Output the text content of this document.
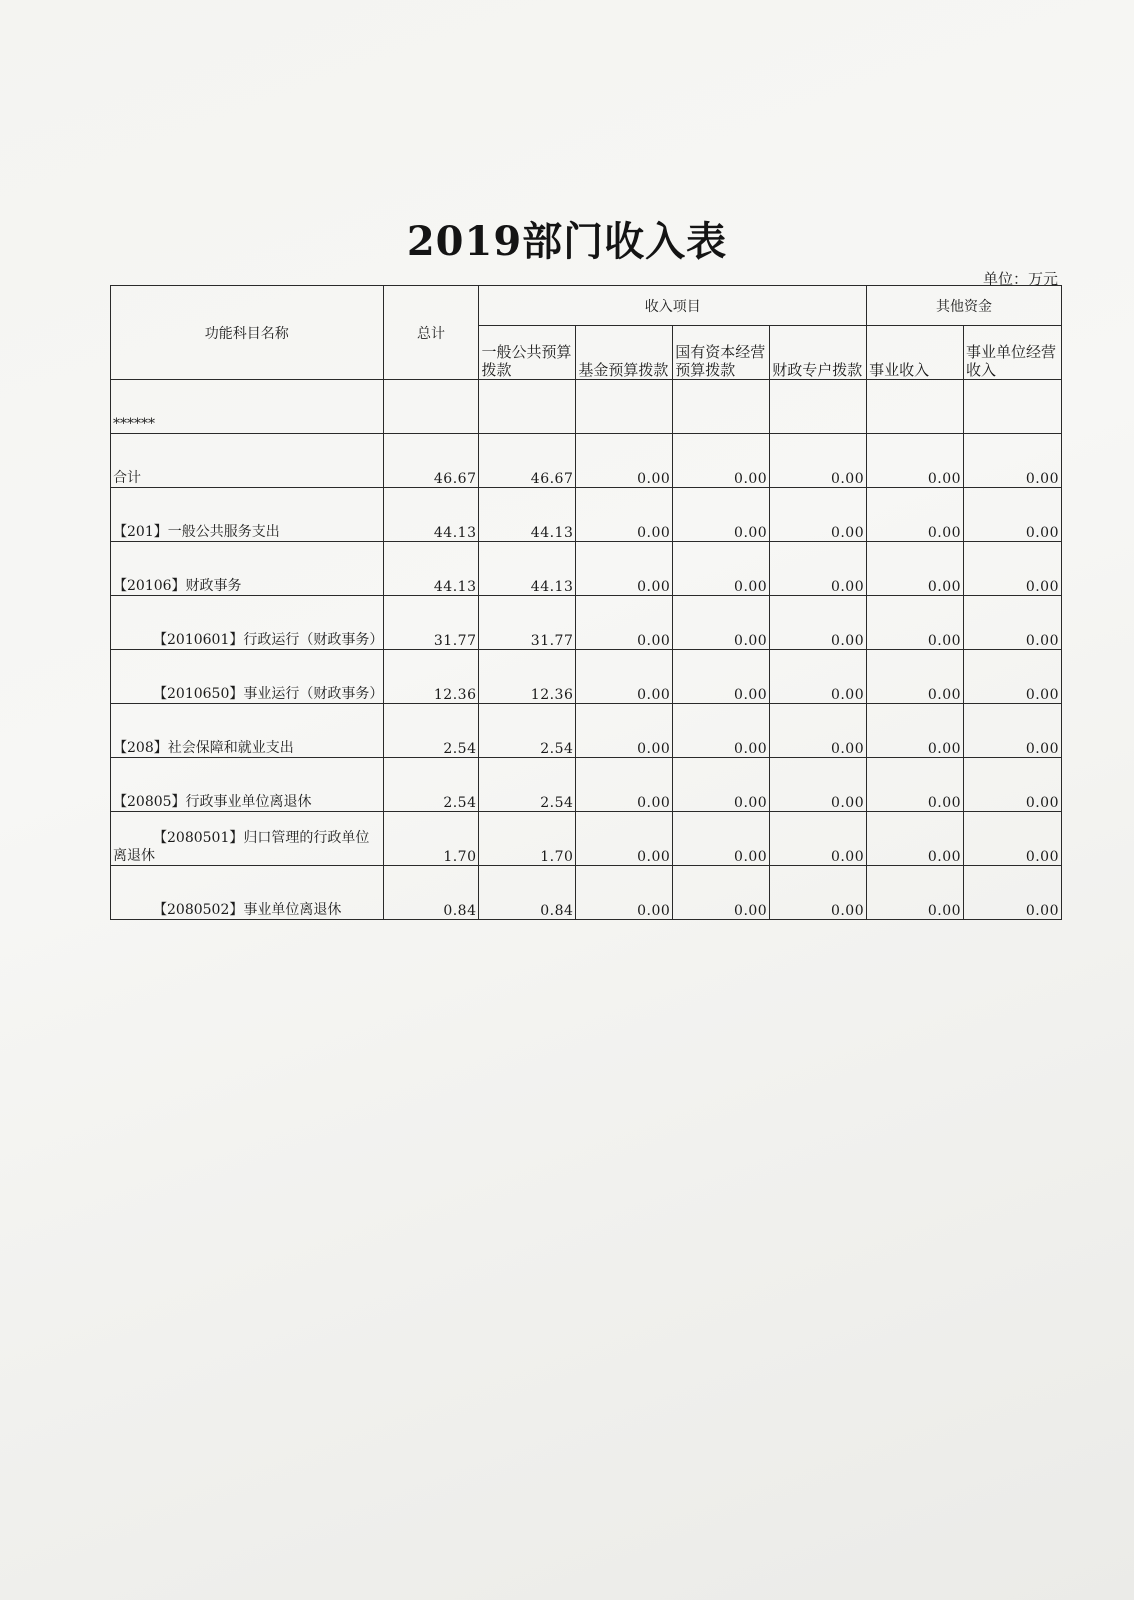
2019部门收入表
单位：万元
功能科目名称	总计	收入项目				其他资金	
		一般公共预算拨款	基金预算拨款	国有资本经营预算拨款	财政专户拨款	事业收入	事业单位经营收入
******							
合计	46.67	46.67	0.00	0.00	0.00	0.00	0.00
【201】一般公共服务支出	44.13	44.13	0.00	0.00	0.00	0.00	0.00
【20106】财政事务	44.13	44.13	0.00	0.00	0.00	0.00	0.00
【2010601】行政运行（财政事务）	31.77	31.77	0.00	0.00	0.00	0.00	0.00
【2010650】事业运行（财政事务）	12.36	12.36	0.00	0.00	0.00	0.00	0.00
【208】社会保障和就业支出	2.54	2.54	0.00	0.00	0.00	0.00	0.00
【20805】行政事业单位离退休	2.54	2.54	0.00	0.00	0.00	0.00	0.00
【2080501】归口管理的行政单位离退休	1.70	1.70	0.00	0.00	0.00	0.00	0.00
【2080502】事业单位离退休	0.84	0.84	0.00	0.00	0.00	0.00	0.00
